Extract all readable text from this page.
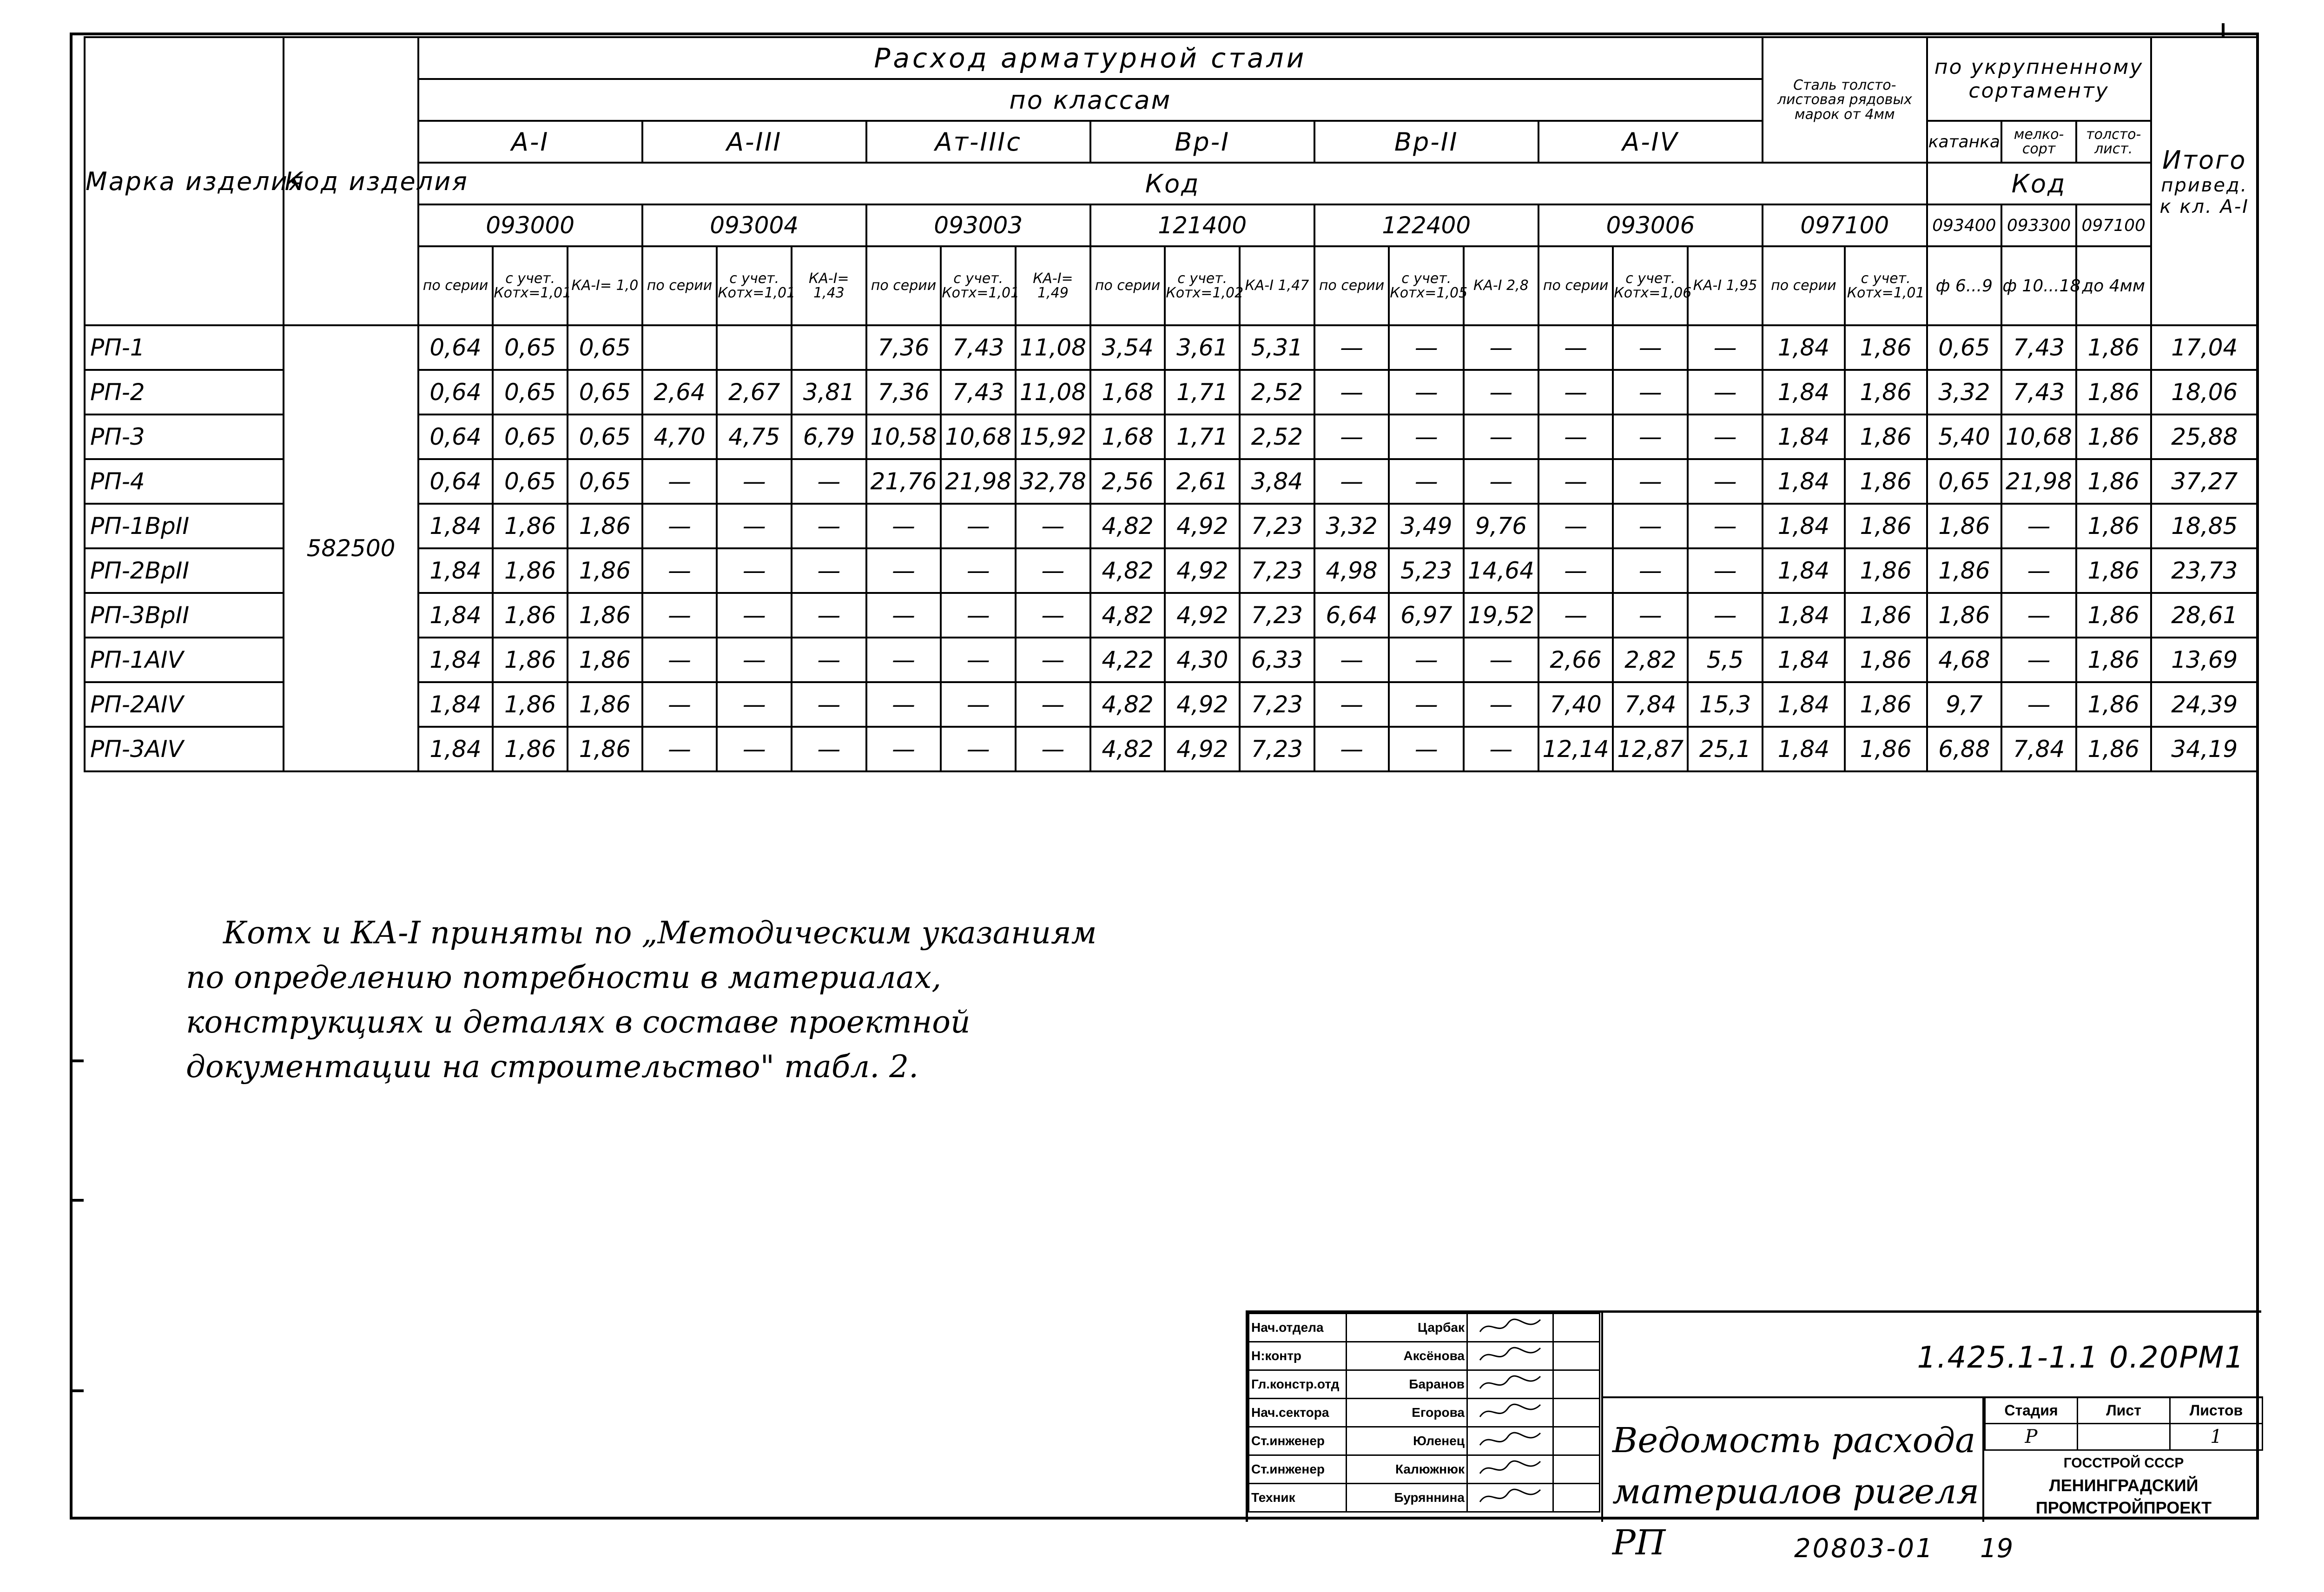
Марка изделия	Код изделия	Расход арматурной стали																		Сталь толсто-листовая рядовых марок от 4мм		по укрупненному сортаменту			Итого
привед. к кл. А-I

		по классам																							
		А-I			А-III			Ат-IIIс			Вр-I			Вр-II			А-IV					катанка	мелко-сорт	толсто-лист.	
		Код																				Код			
		093000			093004			093003			121400			122400			093006			097100		093400	093300	097100	
		по серии	с учет. Котх=1,01	КА-I= 1,0	по серии	с учет. Котх=1,01	КА-I= 1,43	по серии	с учет. Котх=1,01	КА-I= 1,49	по серии	с учет. Котх=1,02	КА-I 1,47	по серии	с учет. Котх=1,05	КА-I 2,8	по серии	с учет. Котх=1,06	КА-I 1,95	по серии	с учет. Котх=1,01	ф 6...9	ф 10...18	до 4мм	
РП-1	582500	0,64	0,65	0,65				7,36	7,43	11,08	3,54	3,61	5,31	—	—	—	—	—	—	1,84	1,86	0,65	7,43	1,86	17,04
РП-2		0,64	0,65	0,65	2,64	2,67	3,81	7,36	7,43	11,08	1,68	1,71	2,52	—	—	—	—	—	—	1,84	1,86	3,32	7,43	1,86	18,06
РП-3		0,64	0,65	0,65	4,70	4,75	6,79	10,58	10,68	15,92	1,68	1,71	2,52	—	—	—	—	—	—	1,84	1,86	5,40	10,68	1,86	25,88
РП-4		0,64	0,65	0,65	—	—	—	21,76	21,98	32,78	2,56	2,61	3,84	—	—	—	—	—	—	1,84	1,86	0,65	21,98	1,86	37,27
РП-1ВрII		1,84	1,86	1,86	—	—	—	—	—	—	4,82	4,92	7,23	3,32	3,49	9,76	—	—	—	1,84	1,86	1,86	—	1,86	18,85
РП-2ВрII		1,84	1,86	1,86	—	—	—	—	—	—	4,82	4,92	7,23	4,98	5,23	14,64	—	—	—	1,84	1,86	1,86	—	1,86	23,73
РП-3ВрII		1,84	1,86	1,86	—	—	—	—	—	—	4,82	4,92	7,23	6,64	6,97	19,52	—	—	—	1,84	1,86	1,86	—	1,86	28,61
РП-1АIV		1,84	1,86	1,86	—	—	—	—	—	—	4,22	4,30	6,33	—	—	—	2,66	2,82	5,5	1,84	1,86	4,68	—	1,86	13,69
РП-2АIV		1,84	1,86	1,86	—	—	—	—	—	—	4,82	4,92	7,23	—	—	—	7,40	7,84	15,3	1,84	1,86	9,7	—	1,86	24,39
РП-3АIV		1,84	1,86	1,86	—	—	—	—	—	—	4,82	4,92	7,23	—	—	—	12,14	12,87	25,1	1,84	1,86	6,88	7,84	1,86	34,19

Котх и КА-I приняты по „Методическим указаниям
по определению потребности в материалах,
конструкциях и деталях в составе проектной
документации на строительство" табл. 2.
Нач.отдела	Царбак		
Н:контр	Аксёнова		
Гл.констр.отд	Баранов		
Нач.сектора	Егорова		
Ст.инженер	Юленец		
Ст.инженер	Калюжнюк		
Техник	Буряннина		
1.425.1-1.1 0.20РМ1
Ведомость расхода
материалов ригеля РП
Стадия	Лист	Листов
Р		1
ГОССТРОЙ СССР
ЛЕНИНГРАДСКИЙ
ПРОМСТРОЙПРОЕКТ
20803-01 19
